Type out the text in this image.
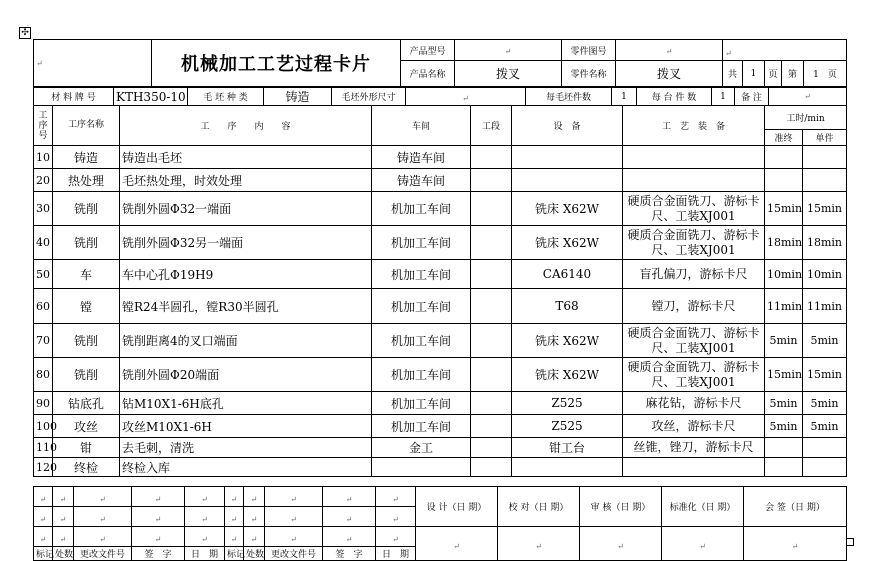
✣
↵	机械加工工艺过程卡片	产品型号	↵	零件图号	↵	↵				
		产品名称	拨叉	零件名称	拨叉	共	1	页	第	1　 页
材 料 牌 号	KTH350-10	毛 坯 种 类	铸造	毛坯外形尺寸	↵	每毛坯件数	1	每 台 件 数	1	备 注	↵
工序号	工序名称	工　　序　　内　　容	车间	工段	设　备	工　艺　装　备	工时/min	
							准终	单件
10	铸造	铸造出毛坯	铸造车间					
20	热处理	毛坯热处理，时效处理	铸造车间					
30	铣削	铣削外圆Φ32一端面	机加工车间		铣床 X62W	硬质合金面铣刀、游标卡尺、工装XJ001	15min	15min
40	铣削	铣削外圆Φ32另一端面	机加工车间		铣床 X62W	硬质合金面铣刀、游标卡尺、工装XJ001	18min	18min
50	车	车中心孔Φ19H9	机加工车间		CA6140	盲孔偏刀，游标卡尺	10min	10min
60	镗	镗R24半圆孔，镗R30半圆孔	机加工车间		T68	镗刀，游标卡尺	11min	11min
70	铣削	铣削距离4的叉口端面	机加工车间		铣床 X62W	硬质合金面铣刀、游标卡尺、工装XJ001	5min	5min
80	铣削	铣削外圆Φ20端面	机加工车间		铣床 X62W	硬质合金面铣刀、游标卡尺、工装XJ001	15min	15min
90	钻底孔	钻M10X1-6H底孔	机加工车间		Z525	麻花钻，游标卡尺	5min	5min
100	攻丝	攻丝M10X1-6H	机加工车间		Z525	攻丝，游标卡尺	5min	5min
110	钳	去毛刺，清洗	金工		钳工台	丝锥，锉刀，游标卡尺		
120	终检	终检入库						
↵	↵	↵	↵	↵	↵	↵	↵	↵	↵	设 计（日 期）	校 对（日 期）	审 核（日 期）	标准化（日 期）	会 签（日 期）
↵	↵	↵	↵	↵	↵	↵	↵	↵	↵					
↵	↵	↵	↵	↵	↵	↵	↵	↵	↵	↵	↵	↵	↵	↵
标记	处数	更改文件号	签　字	日　期	标记	处数	更改文件号	签　字	日　期					
